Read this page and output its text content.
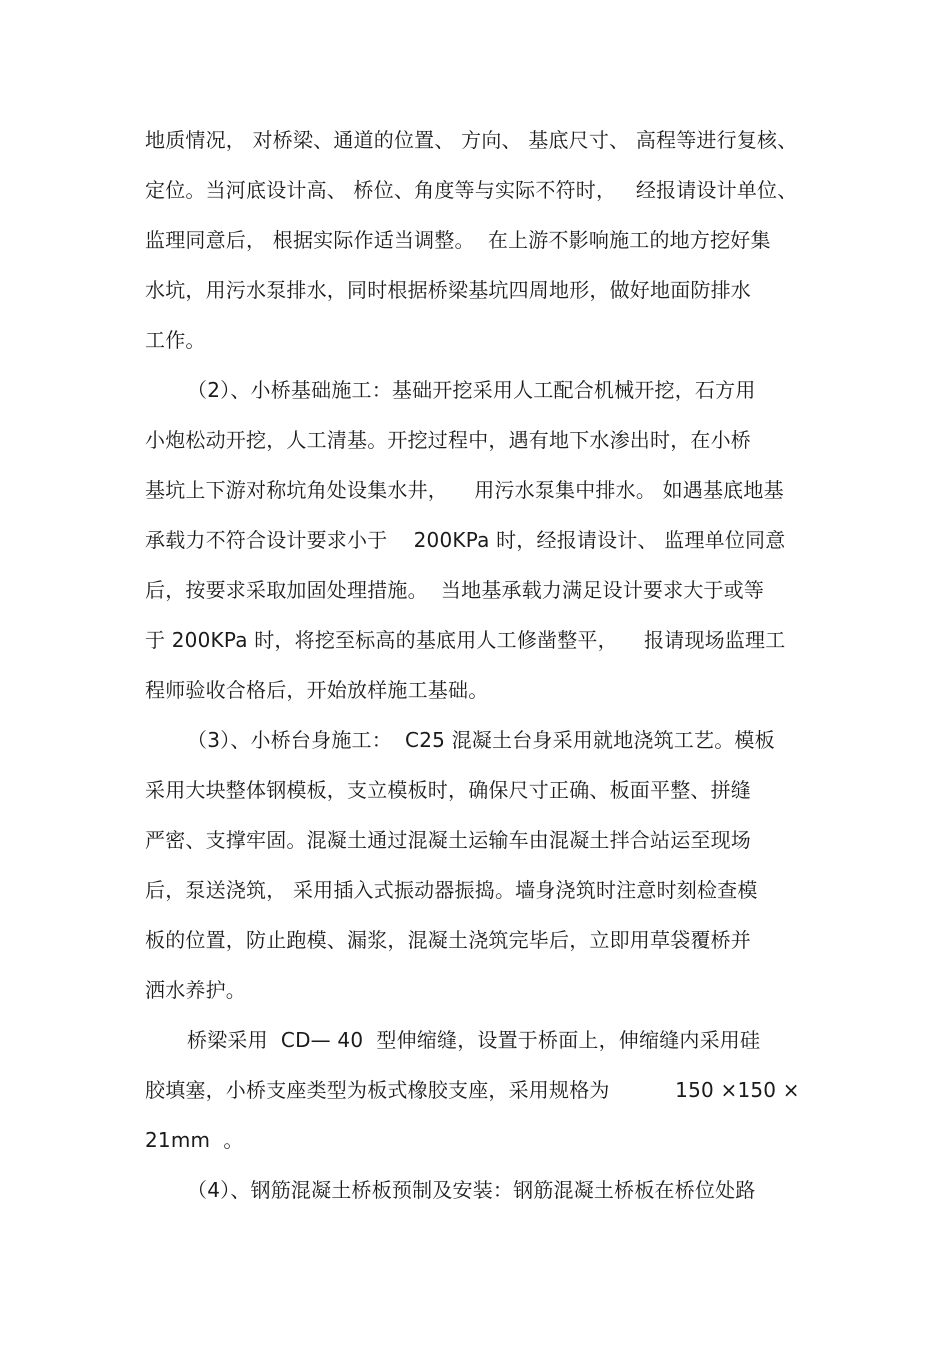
地质情况， 对桥梁、通道的位置、 方向、 基底尺寸、 高程等进行复核、
定位。当河底设计高、 桥位、角度等与实际不符时，   经报请设计单位、
监理同意后， 根据实际作适当调整。  在上游不影响施工的地方挖好集
水坑，用污水泵排水，同时根据桥梁基坑四周地形，做好地面防排水
工作。
（2）、小桥基础施工：基础开挖采用人工配合机械开挖，石方用
小炮松动开挖，人工清基。开挖过程中，遇有地下水渗出时，在小桥
基坑上下游对称坑角处设集水井，    用污水泵集中排水。 如遇基底地基
承载力不符合设计要求小于    200KPa 时，经报请设计、 监理单位同意
后，按要求采取加固处理措施。  当地基承载力满足设计要求大于或等
于 200KPa 时，将挖至标高的基底用人工修凿整平，    报请现场监理工
程师验收合格后，开始放样施工基础。
（3）、小桥台身施工：  C25 混凝土台身采用就地浇筑工艺。模板
采用大块整体钢模板，支立模板时，确保尺寸正确、板面平整、拼缝
严密、支撑牢固。混凝土通过混凝土运输车由混凝土拌合站运至现场
后，泵送浇筑， 采用插入式振动器振捣。墙身浇筑时注意时刻检查模
板的位置，防止跑模、漏浆，混凝土浇筑完毕后，立即用草袋覆桥并
洒水养护。
桥梁采用  CD— 40  型伸缩缝，设置于桥面上，伸缩缝内采用硅
胶填塞，小桥支座类型为板式橡胶支座，采用规格为          150 ×150 ×
21mm  。
（4）、钢筋混凝土桥板预制及安装：钢筋混凝土桥板在桥位处路
